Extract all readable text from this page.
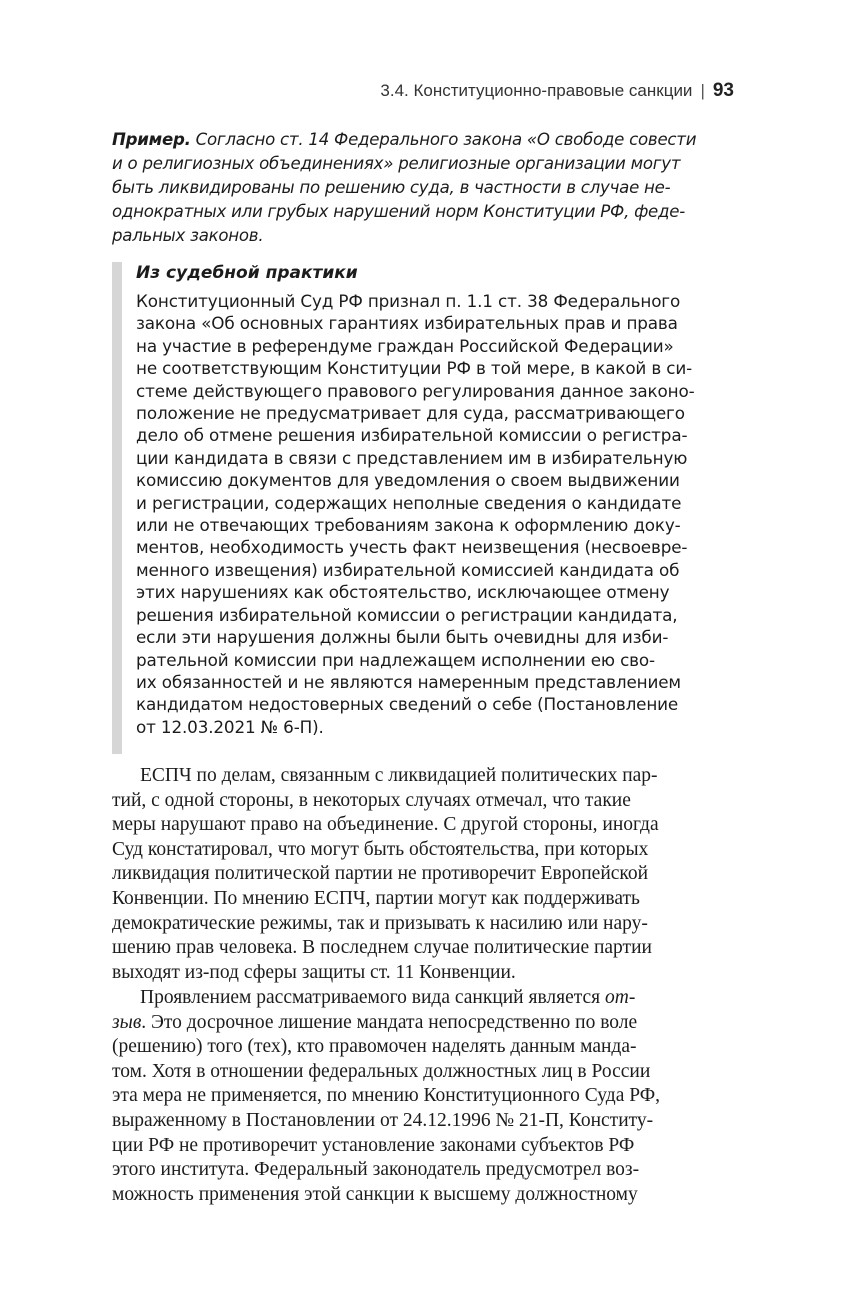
3.4. Конституционно-правовые санкции | 93
Пример. Согласно ст. 14 Федерального закона «О свободе совести
и о религиозных объединениях» религиозные организации могут
быть ликвидированы по решению суда, в частности в случае не-
однократных или грубых нарушений норм Конституции РФ, феде-
ральных законов.
Из судебной практики
Конституционный Суд РФ признал п. 1.1 ст. 38 Федерального
закона «Об основных гарантиях избирательных прав и права
на участие в референдуме граждан Российской Федерации»
не соответствующим Конституции РФ в той мере, в какой в си-
стеме действующего правового регулирования данное законо-
положение не предусматривает для суда, рассматривающего
дело об отмене решения избирательной комиссии о регистра-
ции кандидата в связи с представлением им в избирательную
комиссию документов для уведомления о своем выдвижении
и регистрации, содержащих неполные сведения о кандидате
или не отвечающих требованиям закона к оформлению доку-
ментов, необходимость учесть факт неизвещения (несвоевре-
менного извещения) избирательной комиссией кандидата об
этих нарушениях как обстоятельство, исключающее отмену
решения избирательной комиссии о регистрации кандидата,
если эти нарушения должны были быть очевидны для изби-
рательной комиссии при надлежащем исполнении ею сво-
их обязанностей и не являются намеренным представлением
кандидатом недостоверных сведений о себе (Постановление
от 12.03.2021 № 6-П).
ЕСПЧ по делам, связанным с ликвидацией политических пар-
тий, с одной стороны, в некоторых случаях отмечал, что такие
меры нарушают право на объединение. С другой стороны, иногда
Суд констатировал, что могут быть обстоятельства, при которых
ликвидация политической партии не противоречит Европейской
Конвенции. По мнению ЕСПЧ, партии могут как поддерживать
демократические режимы, так и призывать к насилию или нару-
шению прав человека. В последнем случае политические партии
выходят из-под сферы защиты ст. 11 Конвенции.
Проявлением рассматриваемого вида санкций является от-
зыв. Это досрочное лишение мандата непосредственно по воле
(решению) того (тех), кто правомочен наделять данным манда-
том. Хотя в отношении федеральных должностных лиц в России
эта мера не применяется, по мнению Конституционного Суда РФ,
выраженному в Постановлении от 24.12.1996 № 21-П, Конститу-
ции РФ не противоречит установление законами субъектов РФ
этого института. Федеральный законодатель предусмотрел воз-
можность применения этой санкции к высшему должностному
